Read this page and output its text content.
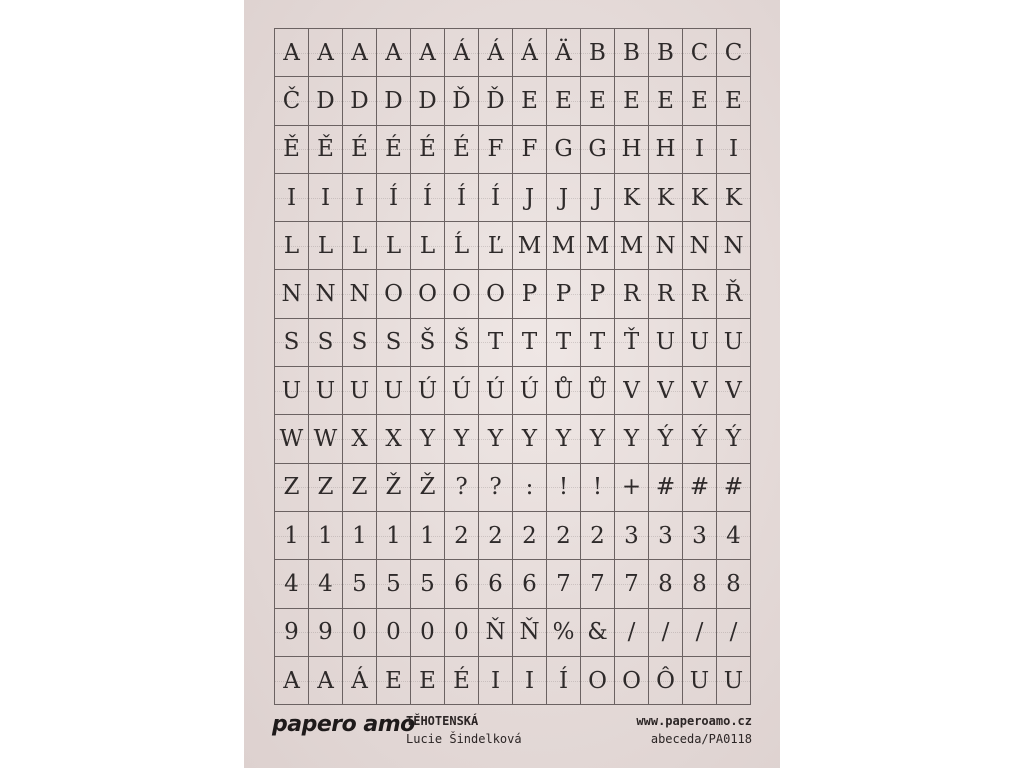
A A A A A Á Á Á Ä B B B C C
Č D D D D Ď Ď E E E E E E E
Ě Ě É É É É F F G G H H I I
I I I Í Í Í Í J J J K K K K
L L L L L Ĺ Ľ M M M M N N N
N N N O O O O P P P R R R Ř
S S S S Š Š T T T T Ť U U U
U U U U Ú Ú Ú Ú Ů Ů V V V V
W W X X Y Y Y Y Y Y Y Ý Ý Ý
Z Z Z Ž Ž ? ? : ! ! + # # #
1 1 1 1 1 2 2 2 2 2 3 3 3 4
4 4 5 5 5 6 6 6 7 7 7 8 8 8
9 9 0 0 0 0 Ň Ň % & / / / /
A A Á E E É I I Í O O Ô U U
papero amo
TĚHOTENSKÁ
Lucie Šindelková
www.paperoamo.cz
abeceda/PA0118
